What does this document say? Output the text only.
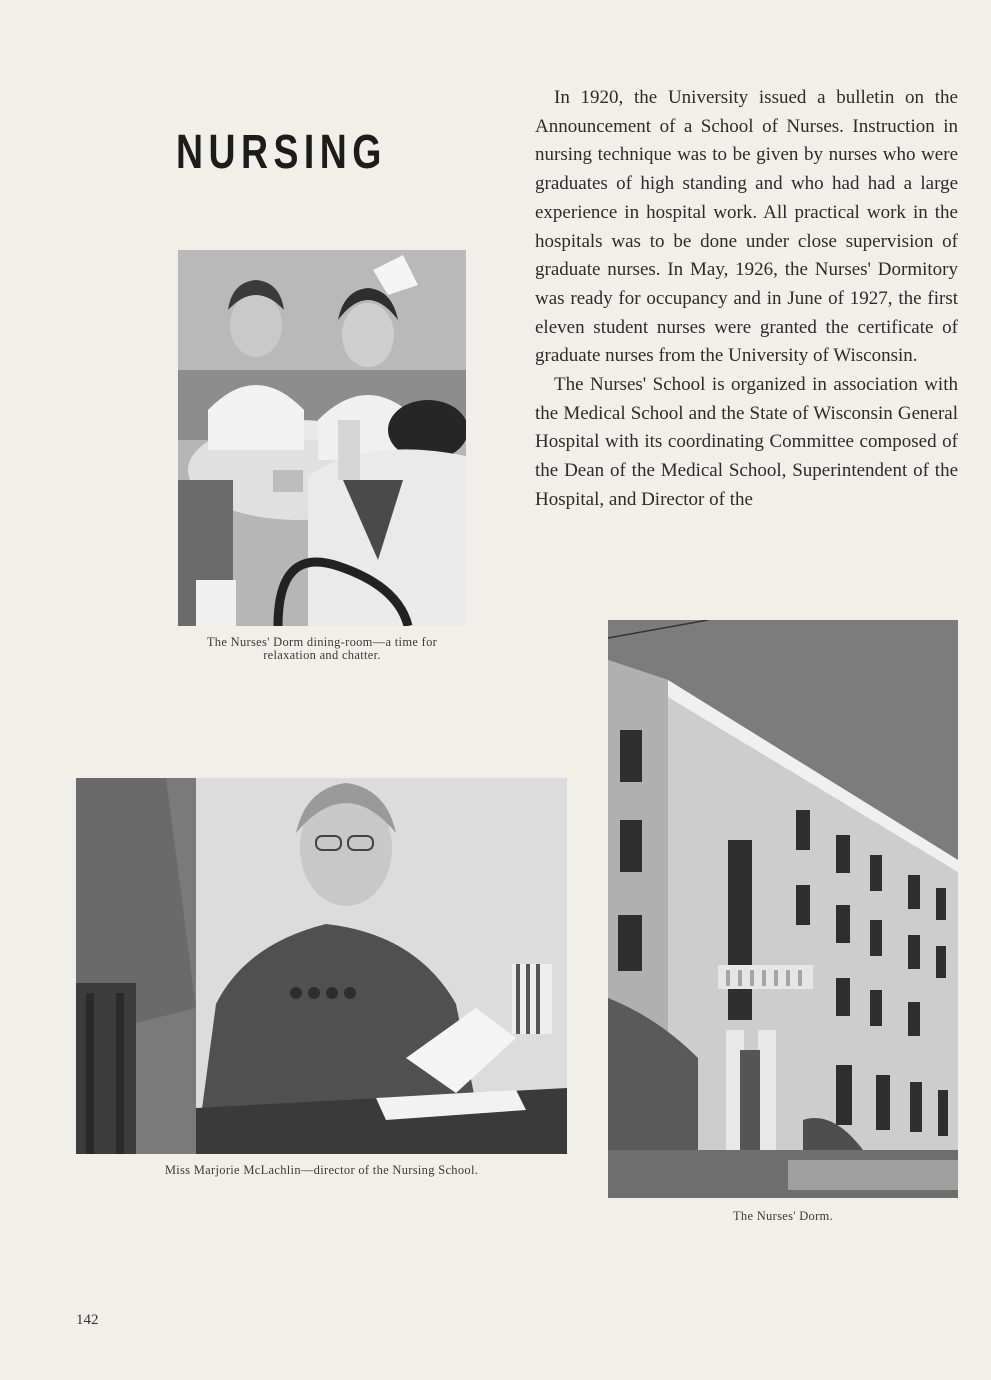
NURSING

In 1920, the University issued a bulletin on the Announcement of a School of Nurses. Instruction in nursing technique was to be given by nurses who were graduates of high standing and who had had a large experience in hospital work. All practical work in the hospitals was to be done under close supervision of graduate nurses. In May, 1926, the Nurses' Dormitory was ready for occupancy and in June of 1927, the first eleven student nurses were granted the certificate of graduate nurses from the University of Wisconsin.

The Nurses' School is organized in association with the Medical School and the State of Wisconsin General Hospital with its coordinating Committee composed of the Dean of the Medical School, Superintendent of the Hospital, and Director of the

The Nurses' Dorm dining-room—a time for
relaxation and chatter.
Miss Marjorie McLachlin—director of the Nursing School.
The Nurses' Dorm.
142
